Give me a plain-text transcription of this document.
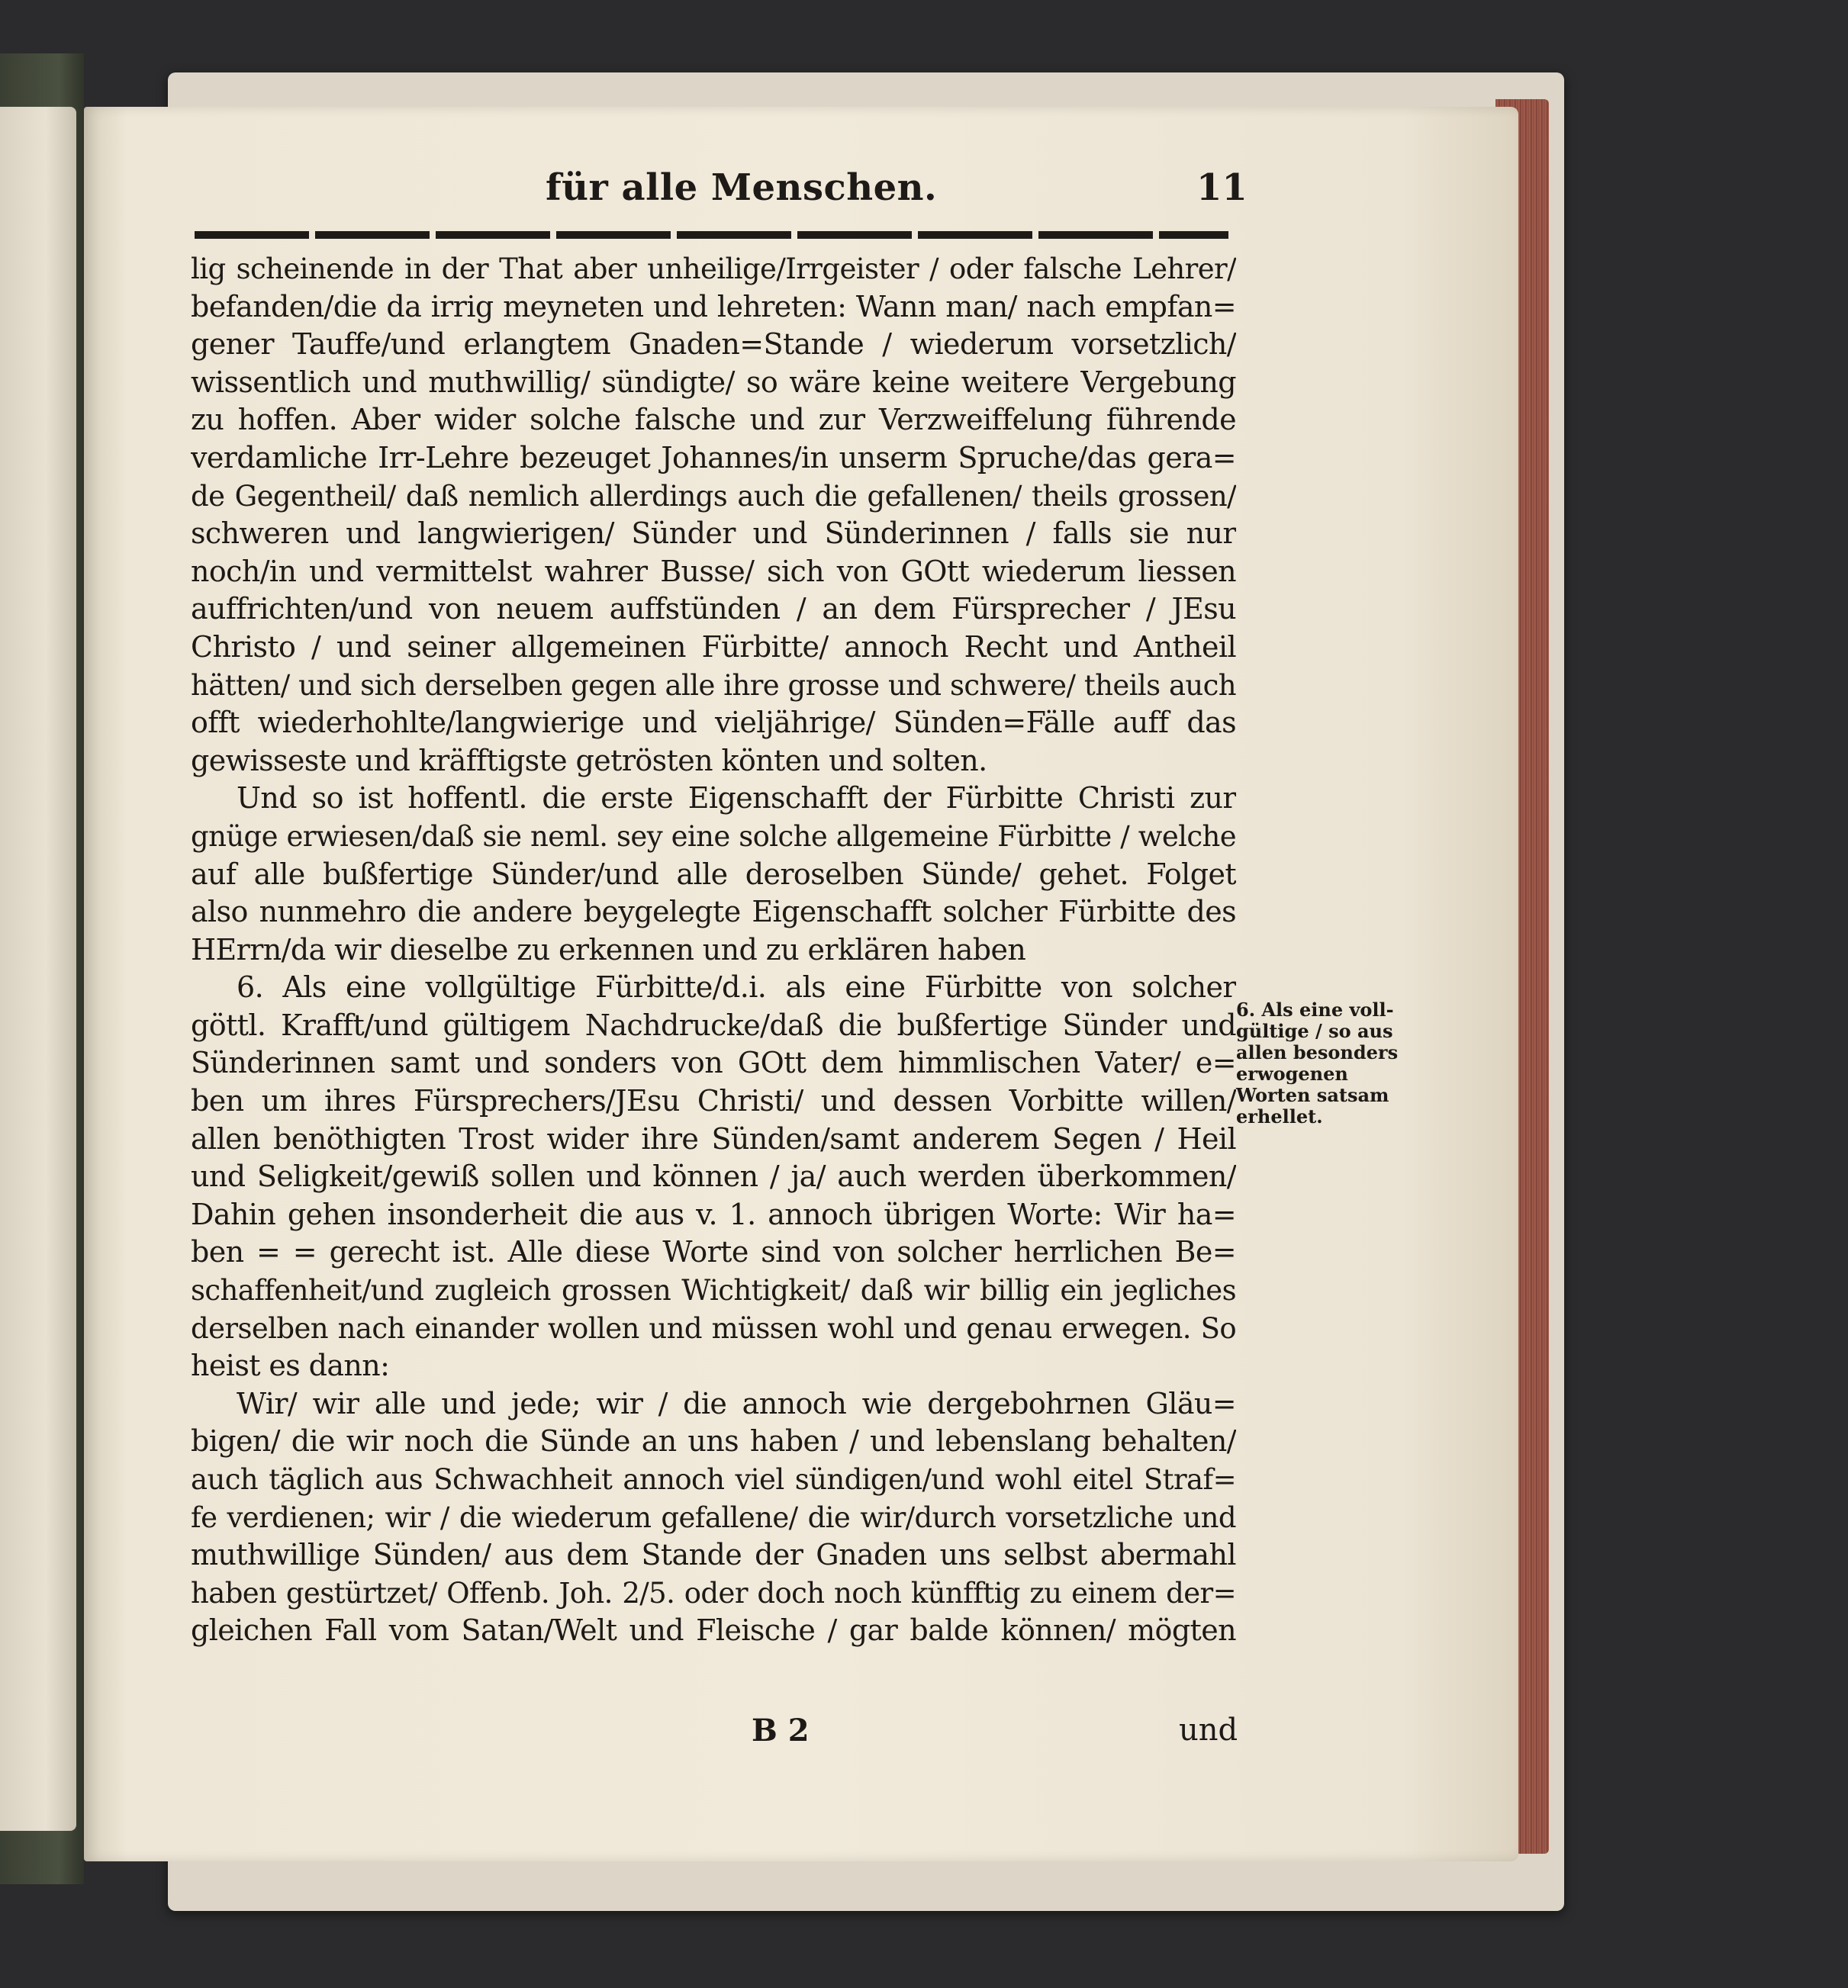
für alle Menschen.	11
lig scheinende in der That aber unheilige/Irrgeister / oder falsche Lehrer/
befanden/die da irrig meyneten und lehreten: Wann man/ nach empfan=
gener Tauffe/und erlangtem Gnaden=Stande / wiederum vorsetzlich/
wissentlich und muthwillig/ sündigte/ so wäre keine weitere Vergebung
zu hoffen. Aber wider solche falsche und zur Verzweiffelung führende
verdamliche Irr-Lehre bezeuget Johannes/in unserm Spruche/das gera=
de Gegentheil/ daß nemlich allerdings auch die gefallenen/ theils grossen/
schweren und langwierigen/ Sünder und Sünderinnen / falls sie nur
noch/in und vermittelst wahrer Busse/ sich von GOtt wiederum liessen
auffrichten/und von neuem auffstünden / an dem Fürsprecher / JEsu
Christo / und seiner allgemeinen Fürbitte/ annoch Recht und Antheil
hätten/ und sich derselben gegen alle ihre grosse und schwere/ theils auch
offt wiederhohlte/langwierige und vieljährige/ Sünden=Fälle auff das
gewisseste und kräfftigste getrösten könten und solten.
Und so ist hoffentl. die erste Eigenschafft der Fürbitte Christi zur
gnüge erwiesen/daß sie neml. sey eine solche allgemeine Fürbitte / welche
auf alle bußfertige Sünder/und alle deroselben Sünde/ gehet. Folget
also nunmehro die andere beygelegte Eigenschafft solcher Fürbitte des
HErrn/da wir dieselbe zu erkennen und zu erklären haben
6. Als eine vollgültige Fürbitte/d.i. als eine Fürbitte von solcher
göttl. Krafft/und gültigem Nachdrucke/daß die bußfertige Sünder und
Sünderinnen samt und sonders von GOtt dem himmlischen Vater/ e=
ben um ihres Fürsprechers/JEsu Christi/ und dessen Vorbitte willen/
allen benöthigten Trost wider ihre Sünden/samt anderem Segen / Heil
und Seligkeit/gewiß sollen und können / ja/ auch werden überkommen/
Dahin gehen insonderheit die aus v. 1. annoch übrigen Worte: Wir ha=
ben = = gerecht ist. Alle diese Worte sind von solcher herrlichen Be=
schaffenheit/und zugleich grossen Wichtigkeit/ daß wir billig ein jegliches
derselben nach einander wollen und müssen wohl und genau erwegen. So
heist es dann:
Wir/ wir alle und jede; wir / die annoch wie dergebohrnen Gläu=
bigen/ die wir noch die Sünde an uns haben / und lebenslang behalten/
auch täglich aus Schwachheit annoch viel sündigen/und wohl eitel Straf=
fe verdienen; wir / die wiederum gefallene/ die wir/durch vorsetzliche und
muthwillige Sünden/ aus dem Stande der Gnaden uns selbst abermahl
haben gestürtzet/ Offenb. Joh. 2/5. oder doch noch künfftig zu einem der=
gleichen Fall vom Satan/Welt und Fleische / gar balde können/ mögten
6. Als eine voll-
gültige / so aus
allen besonders
erwogenen
Worten satsam
erhellet.
B 2	und
